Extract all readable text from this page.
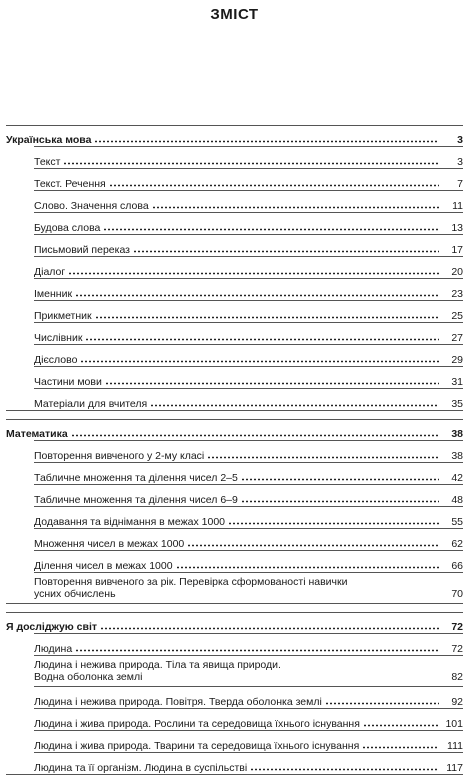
ЗМІСТ
Українська мова	3
Текст	3
Текст. Речення	7
Слово. Значення слова	11
Будова слова	13
Письмовий переказ	17
Діалог	20
Іменник	23
Прикметник	25
Числівник	27
Дієслово	29
Частини мови	31
Матеріали для вчителя	35
Математика	38
Повторення вивченого у 2-му класі	38
Табличне множення та ділення чисел 2–5	42
Табличне множення та ділення чисел 6–9	48
Додавання та віднімання в межах 1000	55
Множення чисел в межах 1000	62
Ділення чисел в межах 1000	66
Повторення вивченого за рік. Перевірка сформованості навички
усних обчислень	70
Я досліджую світ	72
Людина	72
Людина і нежива природа. Тіла та явища природи.
Водна оболонка землі	82
Людина і нежива природа. Повітря. Тверда оболонка землі	92
Людина і жива природа. Рослини та середовища їхнього існування	101
Людина і жива природа. Тварини та середовища їхнього існування	111
Людина та її організм. Людина в суспільстві	117
